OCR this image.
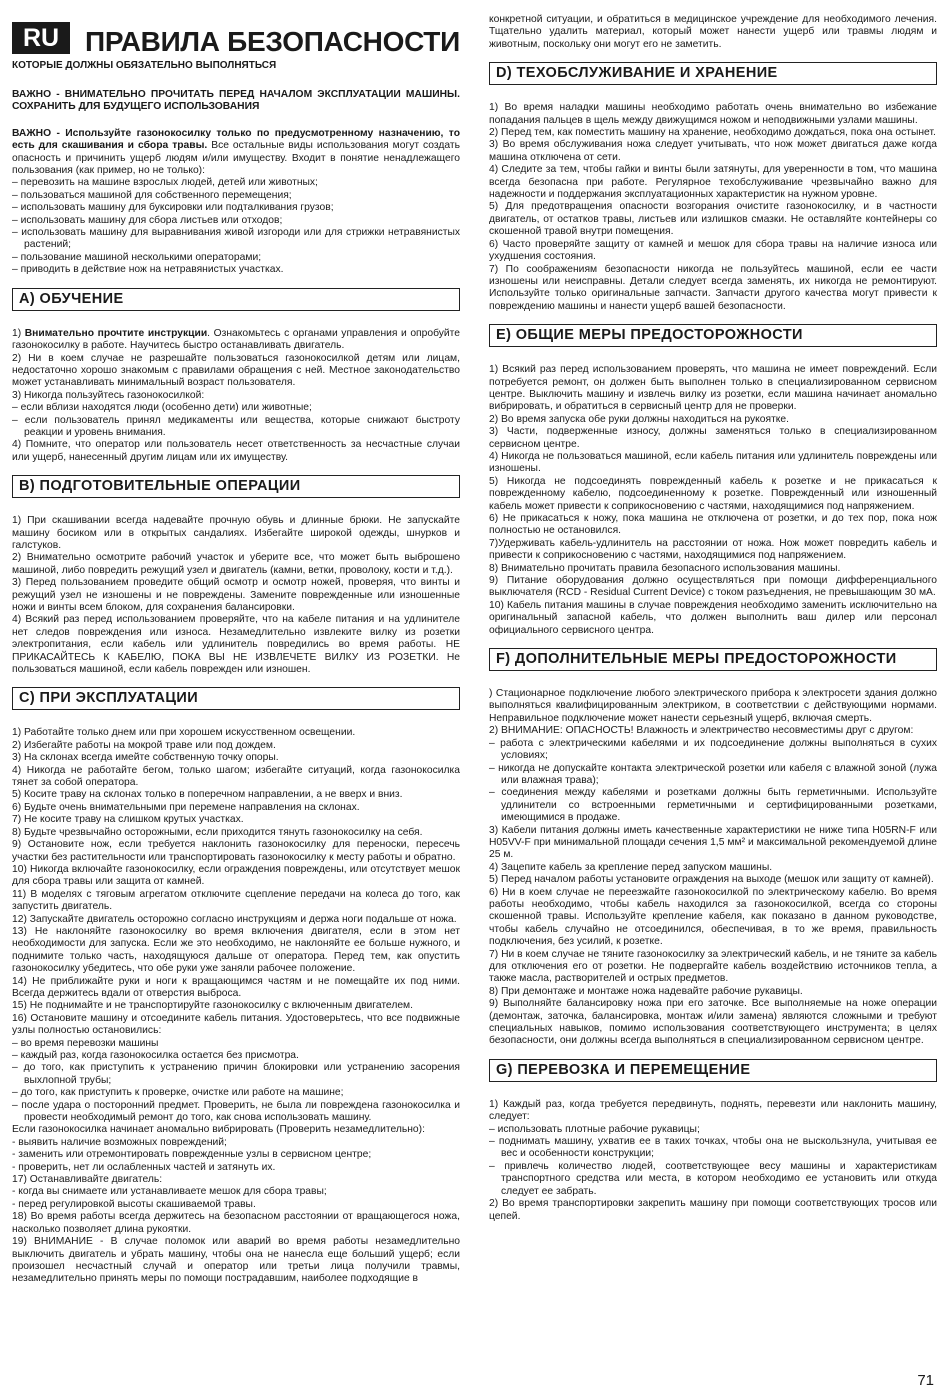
RU ПРАВИЛА БЕЗОПАСНОСТИ
КОТОРЫЕ ДОЛЖНЫ ОБЯЗАТЕЛЬНО ВЫПОЛНЯТЬСЯ

ВАЖНО - ВНИМАТЕЛЬНО ПРОЧИТАТЬ ПЕРЕД НАЧАЛОМ ЭКСПЛУАТАЦИИ МАШИНЫ. СОХРАНИТЬ ДЛЯ БУДУЩЕГО ИСПОЛЬЗОВАНИЯ

ВАЖНО - Используйте газонокосилку только по предусмотренному назначению, то есть для скашивания и сбора травы. Все остальные виды использования могут создать опасность и причинить ущерб людям и/или имуществу. Входит в понятие ненадлежащего пользования (как пример, но не только):

– перевозить на машине взрослых людей, детей или животных;

– пользоваться машиной для собственного перемещения;

– использовать машину для буксировки или подталкивания грузов;

– использовать машину для сбора листьев или отходов;

– использовать машину для выравнивания живой изгороди или для стрижки нетравянистых растений;

– пользование машиной несколькими операторами;

– приводить в действие нож на нетравянистых участках.

A) ОБУЧЕНИЕ

1) Внимательно прочтите инструкции. Ознакомьтесь с органами управления и опробуйте газонокосилку в работе. Научитесь быстро останавливать двигатель.

2) Ни в коем случае не разрешайте пользоваться газонокосилкой детям или лицам, недостаточно хорошо знакомым с правилами обращения с ней. Местное законодательство может устанавливать минимальный возраст пользователя.

3) Никогда пользуйтесь газонокосилкой:

– если вблизи находятся люди (особенно дети) или животные;

– если пользователь принял медикаменты или вещества, которые снижают быстроту реакции и уровень внимания.

4) Помните, что оператор или пользователь несет ответственность за несчастные случаи или ущерб, нанесенный другим лицам или их имуществу.

B) ПОДГОТОВИТЕЛЬНЫЕ ОПЕРАЦИИ

1) При скашивании всегда надевайте прочную обувь и длинные брюки. Не запускайте машину босиком или в открытых сандалиях. Избегайте широкой одежды, шнурков и галстуков.

2) Внимательно осмотрите рабочий участок и уберите все, что может быть выброшено машиной, либо повредить режущий узел и двигатель (камни, ветки, проволоку, кости и т.д.).

3) Перед пользованием проведите общий осмотр и осмотр ножей, проверяя, что винты и режущий узел не изношены и не повреждены. Замените поврежденные или изношенные ножи и винты всем блоком, для сохранения балансировки.

4) Всякий раз перед использованием проверяйте, что на кабеле питания и на удлинителе нет следов повреждения или износа. Незамедлительно извлеките вилку из розетки электропитания, если кабель или удлинитель повредились во время работы. НЕ ПРИКАСАЙТЕСЬ К КАБЕЛЮ, ПОКА ВЫ НЕ ИЗВЛЕЧЕТЕ ВИЛКУ ИЗ РОЗЕТКИ. Не пользоваться машиной, если кабель поврежден или изношен.

C) ПРИ ЭКСПЛУАТАЦИИ

1) Работайте только днем или при хорошем искусственном освещении.

2) Избегайте работы на мокрой траве или под дождем.

3) На склонах всегда имейте собственную точку опоры.

4) Никогда не работайте бегом, только шагом; избегайте ситуаций, когда газонокосилка тянет за собой оператора.

5) Косите траву на склонах только в поперечном направлении, а не вверх и вниз.

6) Будьте очень внимательными при перемене направления на склонах.

7) Не косите траву на слишком крутых участках.

8) Будьте чрезвычайно осторожными, если приходится тянуть газонокосилку на себя.

9) Остановите нож, если требуется наклонить газонокосилку для переноски, пересечь участки без растительности или транспортировать газонокосилку к месту работы и обратно.

10) Никогда включайте газонокосилку, если ограждения повреждены, или отсутствует мешок для сбора травы или защита от камней.

11) В моделях с тяговым агрегатом отключите сцепление передачи на колеса до того, как запустить двигатель.

12) Запускайте двигатель осторожно согласно инструкциям и держа ноги подальше от ножа.

13) Не наклоняйте газонокосилку во время включения двигателя, если в этом нет необходимости для запуска. Если же это необходимо, не наклоняйте ее больше нужного, и поднимите только часть, находящуюся дальше от оператора. Перед тем, как опустить газонокосилку убедитесь, что обе руки уже заняли рабочее положение.

14) Не приближайте руки и ноги к вращающимся частям и не помещайте их под ними. Всегда держитесь вдали от отверстия выброса.

15) Не поднимайте и не транспортируйте газонокосилку с включенным двигателем.

16) Остановите машину и отсоедините кабель питания. Удостоверьтесь, что все подвижные узлы полностью остановились:

– во время перевозки машины

– каждый раз, когда газонокосилка остается без присмотра.

– до того, как приступить к устранению причин блокировки или устранению засорения выхлопной трубы;

– до того, как приступить к проверке, очистке или работе на машине;

– после удара о посторонний предмет. Проверить, не была ли повреждена газонокосилка и провести необходимый ремонт до того, как снова использовать машину.

Если газонокосилка начинает аномально вибрировать (Проверить незамедлительно):

- выявить наличие возможных повреждений;

- заменить или отремонтировать поврежденные узлы в сервисном центре;

- проверить, нет ли ослабленных частей и затянуть их.

17) Останавливайте двигатель:

- когда вы снимаете или устанавливаете мешок для сбора травы;

- перед регулировкой высоты скашиваемой травы.

18) Во время работы всегда держитесь на безопасном расстоянии от вращающегося ножа, насколько позволяет длина рукоятки.

19) ВНИМАНИЕ - В случае поломок или аварий во время работы незамедлительно выключить двигатель и убрать машину, чтобы она не нанесла еще больший ущерб; если произошел несчастный случай и оператор или третьи лица получили травмы, незамедлительно принять меры по помощи пострадавшим, наиболее подходящие в

конкретной ситуации, и обратиться в медицинское учреждение для необходимого лечения. Тщательно удалить материал, который может нанести ущерб или травмы людям и животным, поскольку они могут его не заметить.

D) ТЕХОБСЛУЖИВАНИЕ И ХРАНЕНИЕ

1) Во время наладки машины необходимо работать очень внимательно во избежание попадания пальцев в щель между движущимся ножом и неподвижными узлами машины.

2) Перед тем, как поместить машину на хранение, необходимо дождаться, пока она остынет.

3) Во время обслуживания ножа следует учитывать, что нож может двигаться даже когда машина отключена от сети.

4) Следите за тем, чтобы гайки и винты были затянуты, для уверенности в том, что машина всегда безопасна при работе. Регулярное техобслуживание чрезвычайно важно для надежности и поддержания эксплуатационных характеристик на нужном уровне.

5) Для предотвращения опасности возгорания очистите газонокосилку, и в частности двигатель, от остатков травы, листьев или излишков смазки. Не оставляйте контейнеры со скошенной травой внутри помещения.

6) Часто проверяйте защиту от камней и мешок для сбора травы на наличие износа или ухудшения состояния.

7) По соображениям безопасности никогда не пользуйтесь машиной, если ее части изношены или неисправны. Детали следует всегда заменять, их никогда не ремонтируют. Используйте только оригинальные запчасти. Запчасти другого качества могут привести к повреждению машины и нанести ущерб вашей безопасности.

E) ОБЩИЕ МЕРЫ ПРЕДОСТОРОЖНОСТИ

1) Всякий раз перед использованием проверять, что машина не имеет повреждений. Если потребуется ремонт, он должен быть выполнен только в специализированном сервисном центре. Выключить машину и извлечь вилку из розетки, если машина начинает аномально вибрировать, и обратиться в сервисный центр для не проверки.

2) Во время запуска обе руки должны находиться на рукоятке.

3) Части, подверженные износу, должны заменяться только в специализированном сервисном центре.

4) Никогда не пользоваться машиной, если кабель питания или удлинитель повреждены или изношены.

5) Никогда не подсоединять поврежденный кабель к розетке и не прикасаться к поврежденному кабелю, подсоединенному к розетке. Поврежденный или изношенный кабель может привести к соприкосновению с частями, находящимися под напряжением.

6) Не прикасаться к ножу, пока машина не отключена от розетки, и до тех пор, пока нож полностью не остановился.

7)Удерживать кабель-удлинитель на расстоянии от ножа. Нож может повредить кабель и привести к соприкосновению с частями, находящимися под напряжением.

8) Внимательно прочитать правила безопасного использования машины.

9) Питание оборудования должно осуществляться при помощи дифференциального выключателя (RCD - Residual Current Device) с током разъеднения, не превышающим 30 мА.

10) Кабель питания машины в случае повреждения необходимо заменить исключительно на оригинальный запасной кабель, что должен выполнить ваш дилер или персонал официального сервисного центра.

F) ДОПОЛНИТЕЛЬНЫЕ МЕРЫ ПРЕДОСТОРОЖНОСТИ

) Стационарное подключение любого электрического прибора к электросети здания должно выполняться квалифицированным электриком, в соответствии с действующими нормами. Неправильное подключение может нанести серьезный ущерб, включая смерть.

2) ВНИМАНИЕ: ОПАСНОСТЬ! Влажность и электричество несовместимы друг с другом:

– работа с электрическими кабелями и их подсоединение должны выполняться в сухих условиях;

– никогда не допускайте контакта электрической розетки или кабеля с влажной зоной (лужа или влажная трава);

– соединения между кабелями и розетками должны быть герметичными. Используйте удлинители со встроенными герметичными и сертифицированными розетками, имеющимися в продаже.

3) Кабели питания должны иметь качественные характеристики не ниже типа H05RN-F или H05VV-F при минимальной площади сечения 1,5 мм² и максимальной рекомендуемой длине 25 м.

4) Зацепите кабель за крепление перед запуском машины.

5) Перед началом работы установите ограждения на выходе (мешок или защиту от камней).

6) Ни в коем случае не переезжайте газонокосилкой по электрическому кабелю. Во время работы необходимо, чтобы кабель находился за газонокосилкой, всегда со стороны скошенной травы. Используйте крепление кабеля, как показано в данном руководстве, чтобы кабель случайно не отсоединился, обеспечивая, в то же время, правильность подключения, без усилий, к розетке.

7) Ни в коем случае не тяните газонокосилку за электрический кабель, и не тяните за кабель для отключения его от розетки. Не подвергайте кабель воздействию источников тепла, а также масла, растворителей и острых предметов.

8) При демонтаже и монтаже ножа надевайте рабочие рукавицы.

9) Выполняйте балансировку ножа при его заточке. Все выполняемые на ноже операции (демонтаж, заточка, балансировка, монтаж и/или замена) являются сложными и требуют специальных навыков, помимо использования соответствующего инструмента; в целях безопасности, они должны всегда выполняться в специализированном сервисном центре.

G) ПЕРЕВОЗКА И ПЕРЕМЕЩЕНИЕ

1) Каждый раз, когда требуется передвинуть, поднять, перевезти или наклонить машину, следует:

– использовать плотные рабочие рукавицы;

– поднимать машину, ухватив ее в таких точках, чтобы она не выскользнула, учитывая ее вес и особенности конструкции;

– привлечь количество людей, соответствующее весу машины и характеристикам транспортного средства или места, в котором необходимо ее установить или откуда следует ее забрать.

2) Во время транспортировки закрепить машину при помощи соответствующих тросов или цепей.

71
